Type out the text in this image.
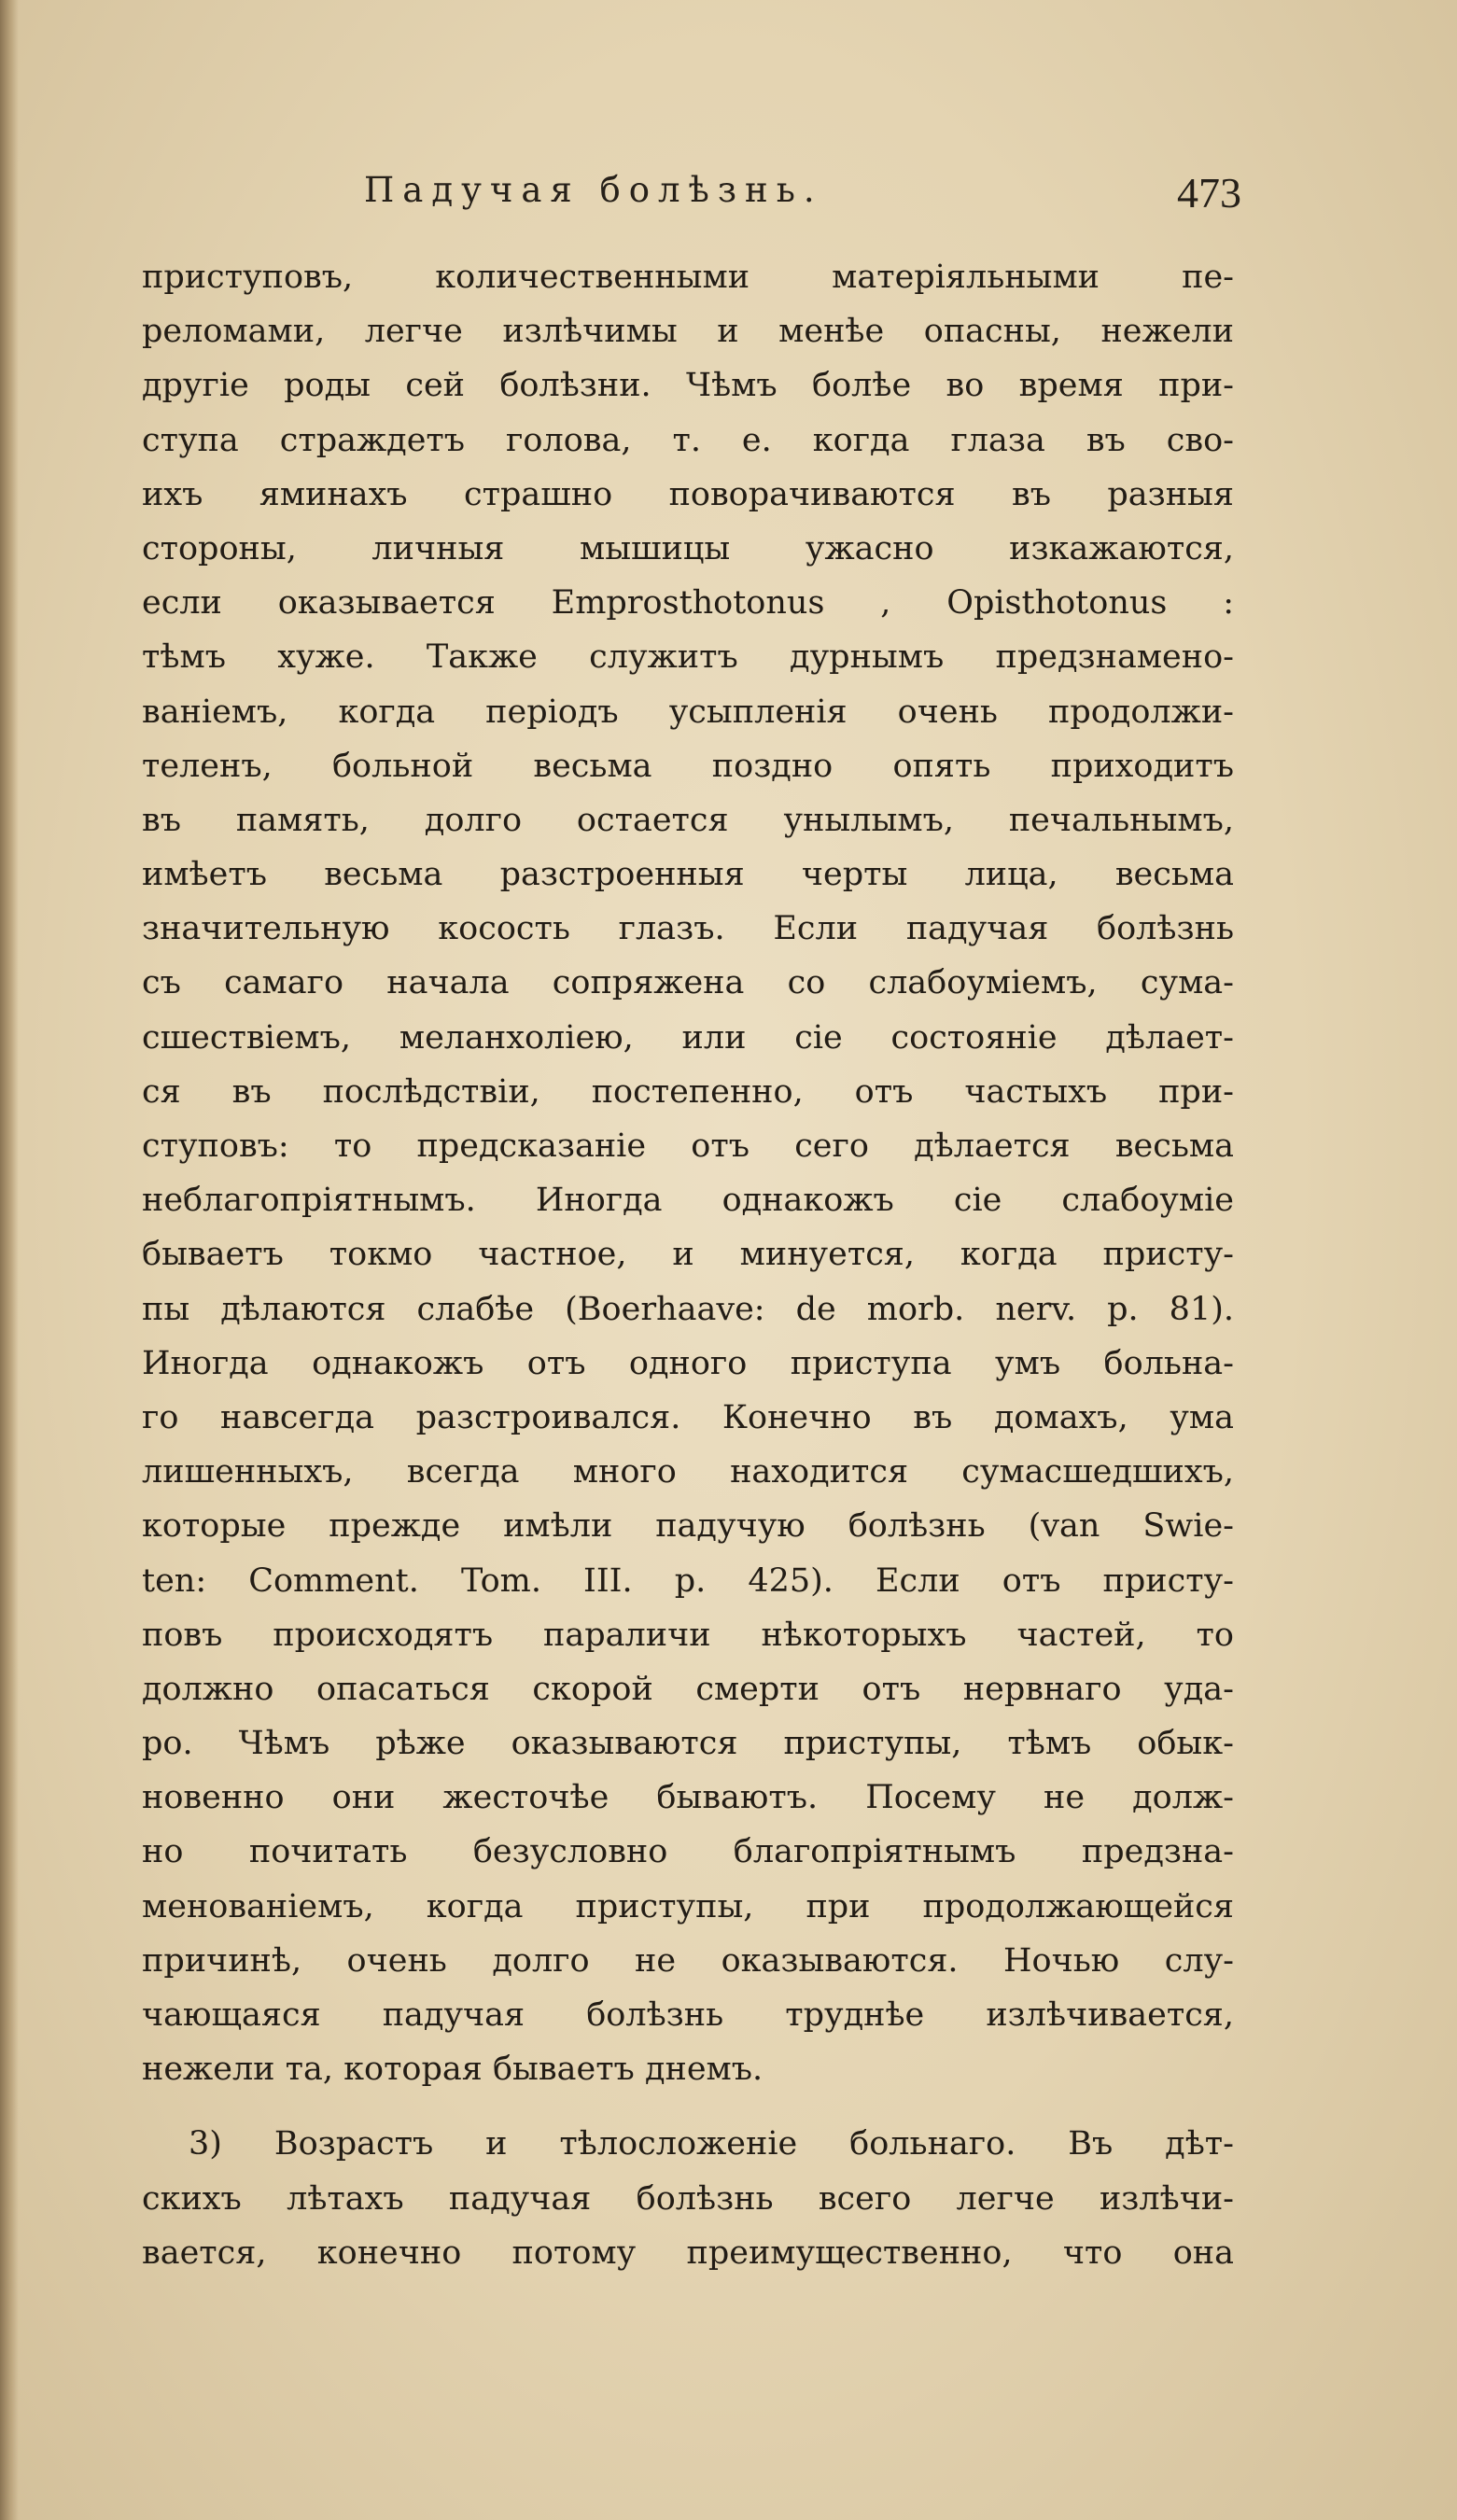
Падучая болѣзнь.	473
приступовъ, количественными матеріяльными пе-
реломами, легче излѣчимы и менѣе опасны, нежели
другіе роды сей болѣзни. Чѣмъ болѣе во время при-
ступа страждетъ голова, т. е. когда глаза въ сво-
ихъ яминахъ страшно поворачиваются въ разныя
стороны, личныя мышицы ужасно изкажаются,
если оказывается Emprosthotonus , Opisthotonus :
тѣмъ хуже. Также служитъ дурнымъ предзнамено-
ваніемъ, когда періодъ усыпленія очень продолжи-
теленъ, больной весьма поздно опять приходитъ
въ память, долго остается унылымъ, печальнымъ,
имѣетъ весьма разстроенныя черты лица, весьма
значительную косость глазъ. Если падучая болѣзнь
съ самаго начала сопряжена со слабоуміемъ, сума-
сшествіемъ, меланхоліею, или сіе состояніе дѣлает-
ся въ послѣдствіи, постепенно, отъ частыхъ при-
ступовъ: то предсказаніе отъ сего дѣлается весьма
неблагопріятнымъ. Иногда однакожъ сіе слабоуміе
бываетъ токмо частное, и минуется, когда присту-
пы дѣлаются слабѣе (Boerhaave: de morb. nerv. p. 81).
Иногда однакожъ отъ одного приступа умъ больна-
го навсегда разстроивался. Конечно въ домахъ, ума
лишенныхъ, всегда много находится сумасшедшихъ,
которые прежде имѣли падучую болѣзнь (van Swie-
ten: Comment. Tom. III. p. 425). Если отъ присту-
повъ происходятъ параличи нѣкоторыхъ частей, то
должно опасаться скорой смерти отъ нервнаго уда-
ро. Чѣмъ рѣже оказываются приступы, тѣмъ обык-
новенно они жесточѣе бываютъ. Посему не долж-
но почитать безусловно благопріятнымъ предзна-
менованіемъ, когда приступы, при продолжающейся
причинѣ, очень долго не оказываются. Ночью слу-
чающаяся падучая болѣзнь труднѣе излѣчивается,
нежели та, которая бываетъ днемъ.
3) Возрастъ и тѣлосложеніе больнаго. Въ дѣт-
скихъ лѣтахъ падучая болѣзнь всего легче излѣчи-
вается, конечно потому преимущественно, что она
